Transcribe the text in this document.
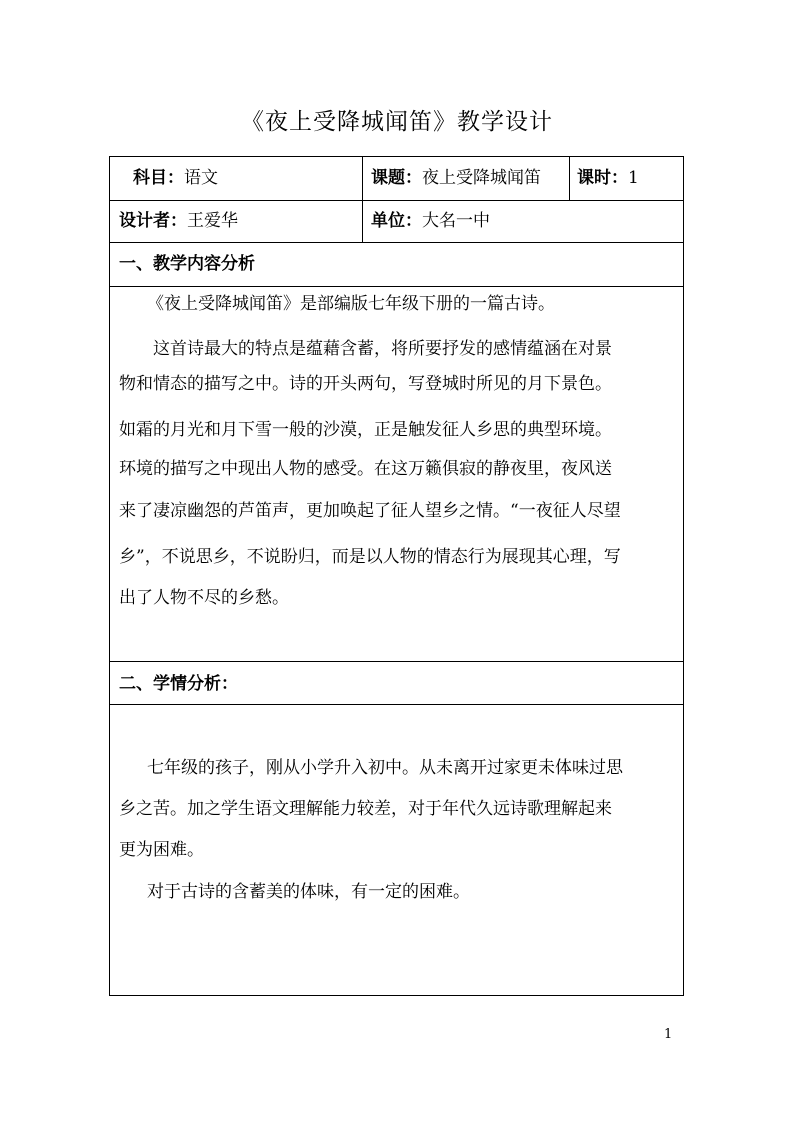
《夜上受降城闻笛》教学设计
科目：语文	课题：夜上受降城闻笛 课时：1
设计者：王爱华	单位：大名一中
一、教学内容分析
《夜上受降城闻笛》是部编版七年级下册的一篇古诗。
这首诗最大的特点是蕴藉含蓄，将所要抒发的感情蕴涵在对景
物和情态的描写之中。诗的开头两句，写登城时所见的月下景色。
如霜的月光和月下雪一般的沙漠，正是触发征人乡思的典型环境。
环境的描写之中现出人物的感受。在这万籁俱寂的静夜里，夜风送
来了凄凉幽怨的芦笛声，更加唤起了征人望乡之情。“一夜征人尽望
乡”，不说思乡，不说盼归，而是以人物的情态行为展现其心理，写
出了人物不尽的乡愁。
二、学情分析：
七年级的孩子，刚从小学升入初中。从未离开过家更未体味过思
乡之苦。加之学生语文理解能力较差，对于年代久远诗歌理解起来
更为困难。
对于古诗的含蓄美的体味，有一定的困难。
1
